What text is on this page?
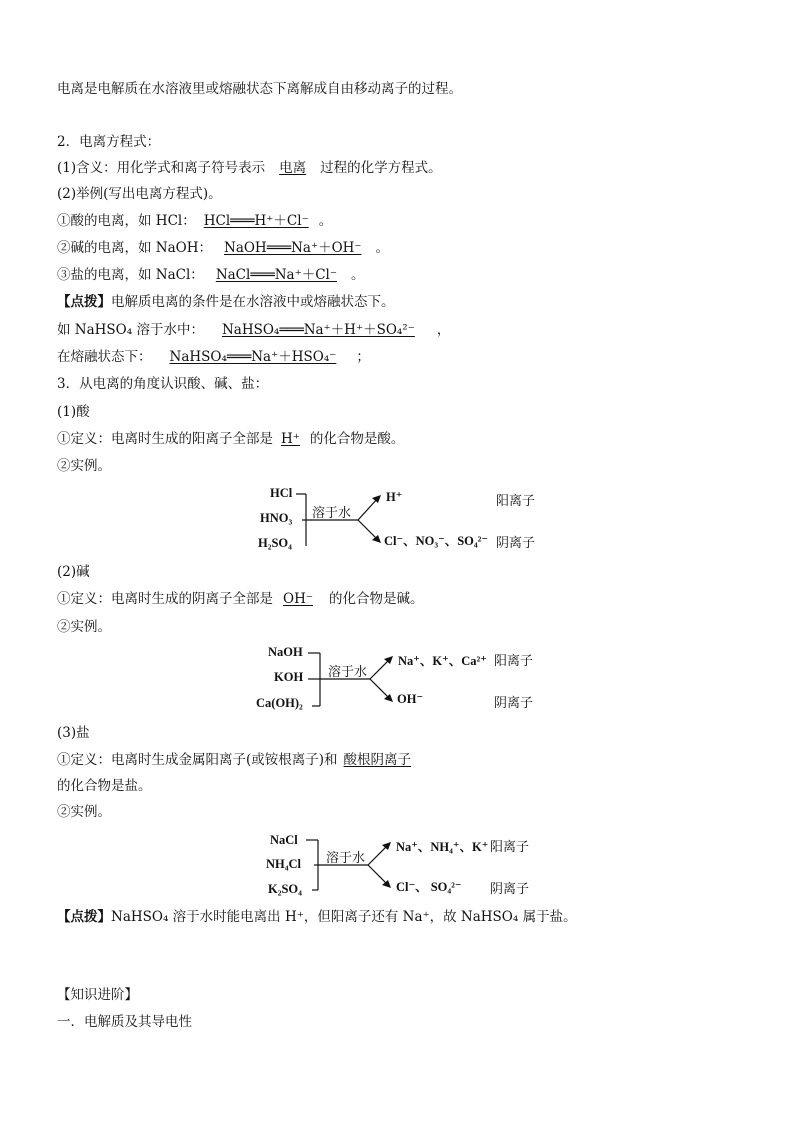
电离是电解质在水溶液里或熔融状态下离解成自由移动离子的过程。
2．电离方程式：
(1)含义：用化学式和离子符号表示 电离 过程的化学方程式。
(2)举例(写出电离方程式)。
①酸的电离，如 HCl： HCl═══H⁺＋Cl⁻ 。
②碱的电离，如 NaOH： NaOH═══Na⁺＋OH⁻ 。
③盐的电离，如 NaCl： NaCl═══Na⁺＋Cl⁻ 。
【点拨】电解质电离的条件是在水溶液中或熔融状态下。
如 NaHSO₄ 溶于水中： NaHSO₄═══Na⁺＋H⁺＋SO₄²⁻ ，
在熔融状态下： NaHSO₄═══Na⁺＋HSO₄⁻ ；
3．从电离的角度认识酸、碱、盐：
(1)酸
①定义：电离时生成的阳离子全部是 H⁺ 的化合物是酸。
②实例。
HCl
HNO₃
H₂SO₄
溶于水
H⁺
Cl⁻、NO₃⁻、SO₄²⁻
阳离子
阴离子
(2)碱
①定义：电离时生成的阴离子全部是 OH⁻ 的化合物是碱。
②实例。
NaOH
KOH
Ca(OH)₂
溶于水
Na⁺、K⁺、Ca²⁺
OH⁻
阳离子
阴离子
(3)盐
①定义：电离时生成金属阳离子(或铵根离子)和 酸根阴离子
的化合物是盐。
②实例。
NaCl
NH₄Cl
K₂SO₄
溶于水
Na⁺、NH₄⁺、K⁺
Cl⁻、 SO₄²⁻
阳离子
阴离子
【点拨】NaHSO₄ 溶于水时能电离出 H⁺，但阳离子还有 Na⁺，故 NaHSO₄ 属于盐。
【知识进阶】
一．电解质及其导电性
